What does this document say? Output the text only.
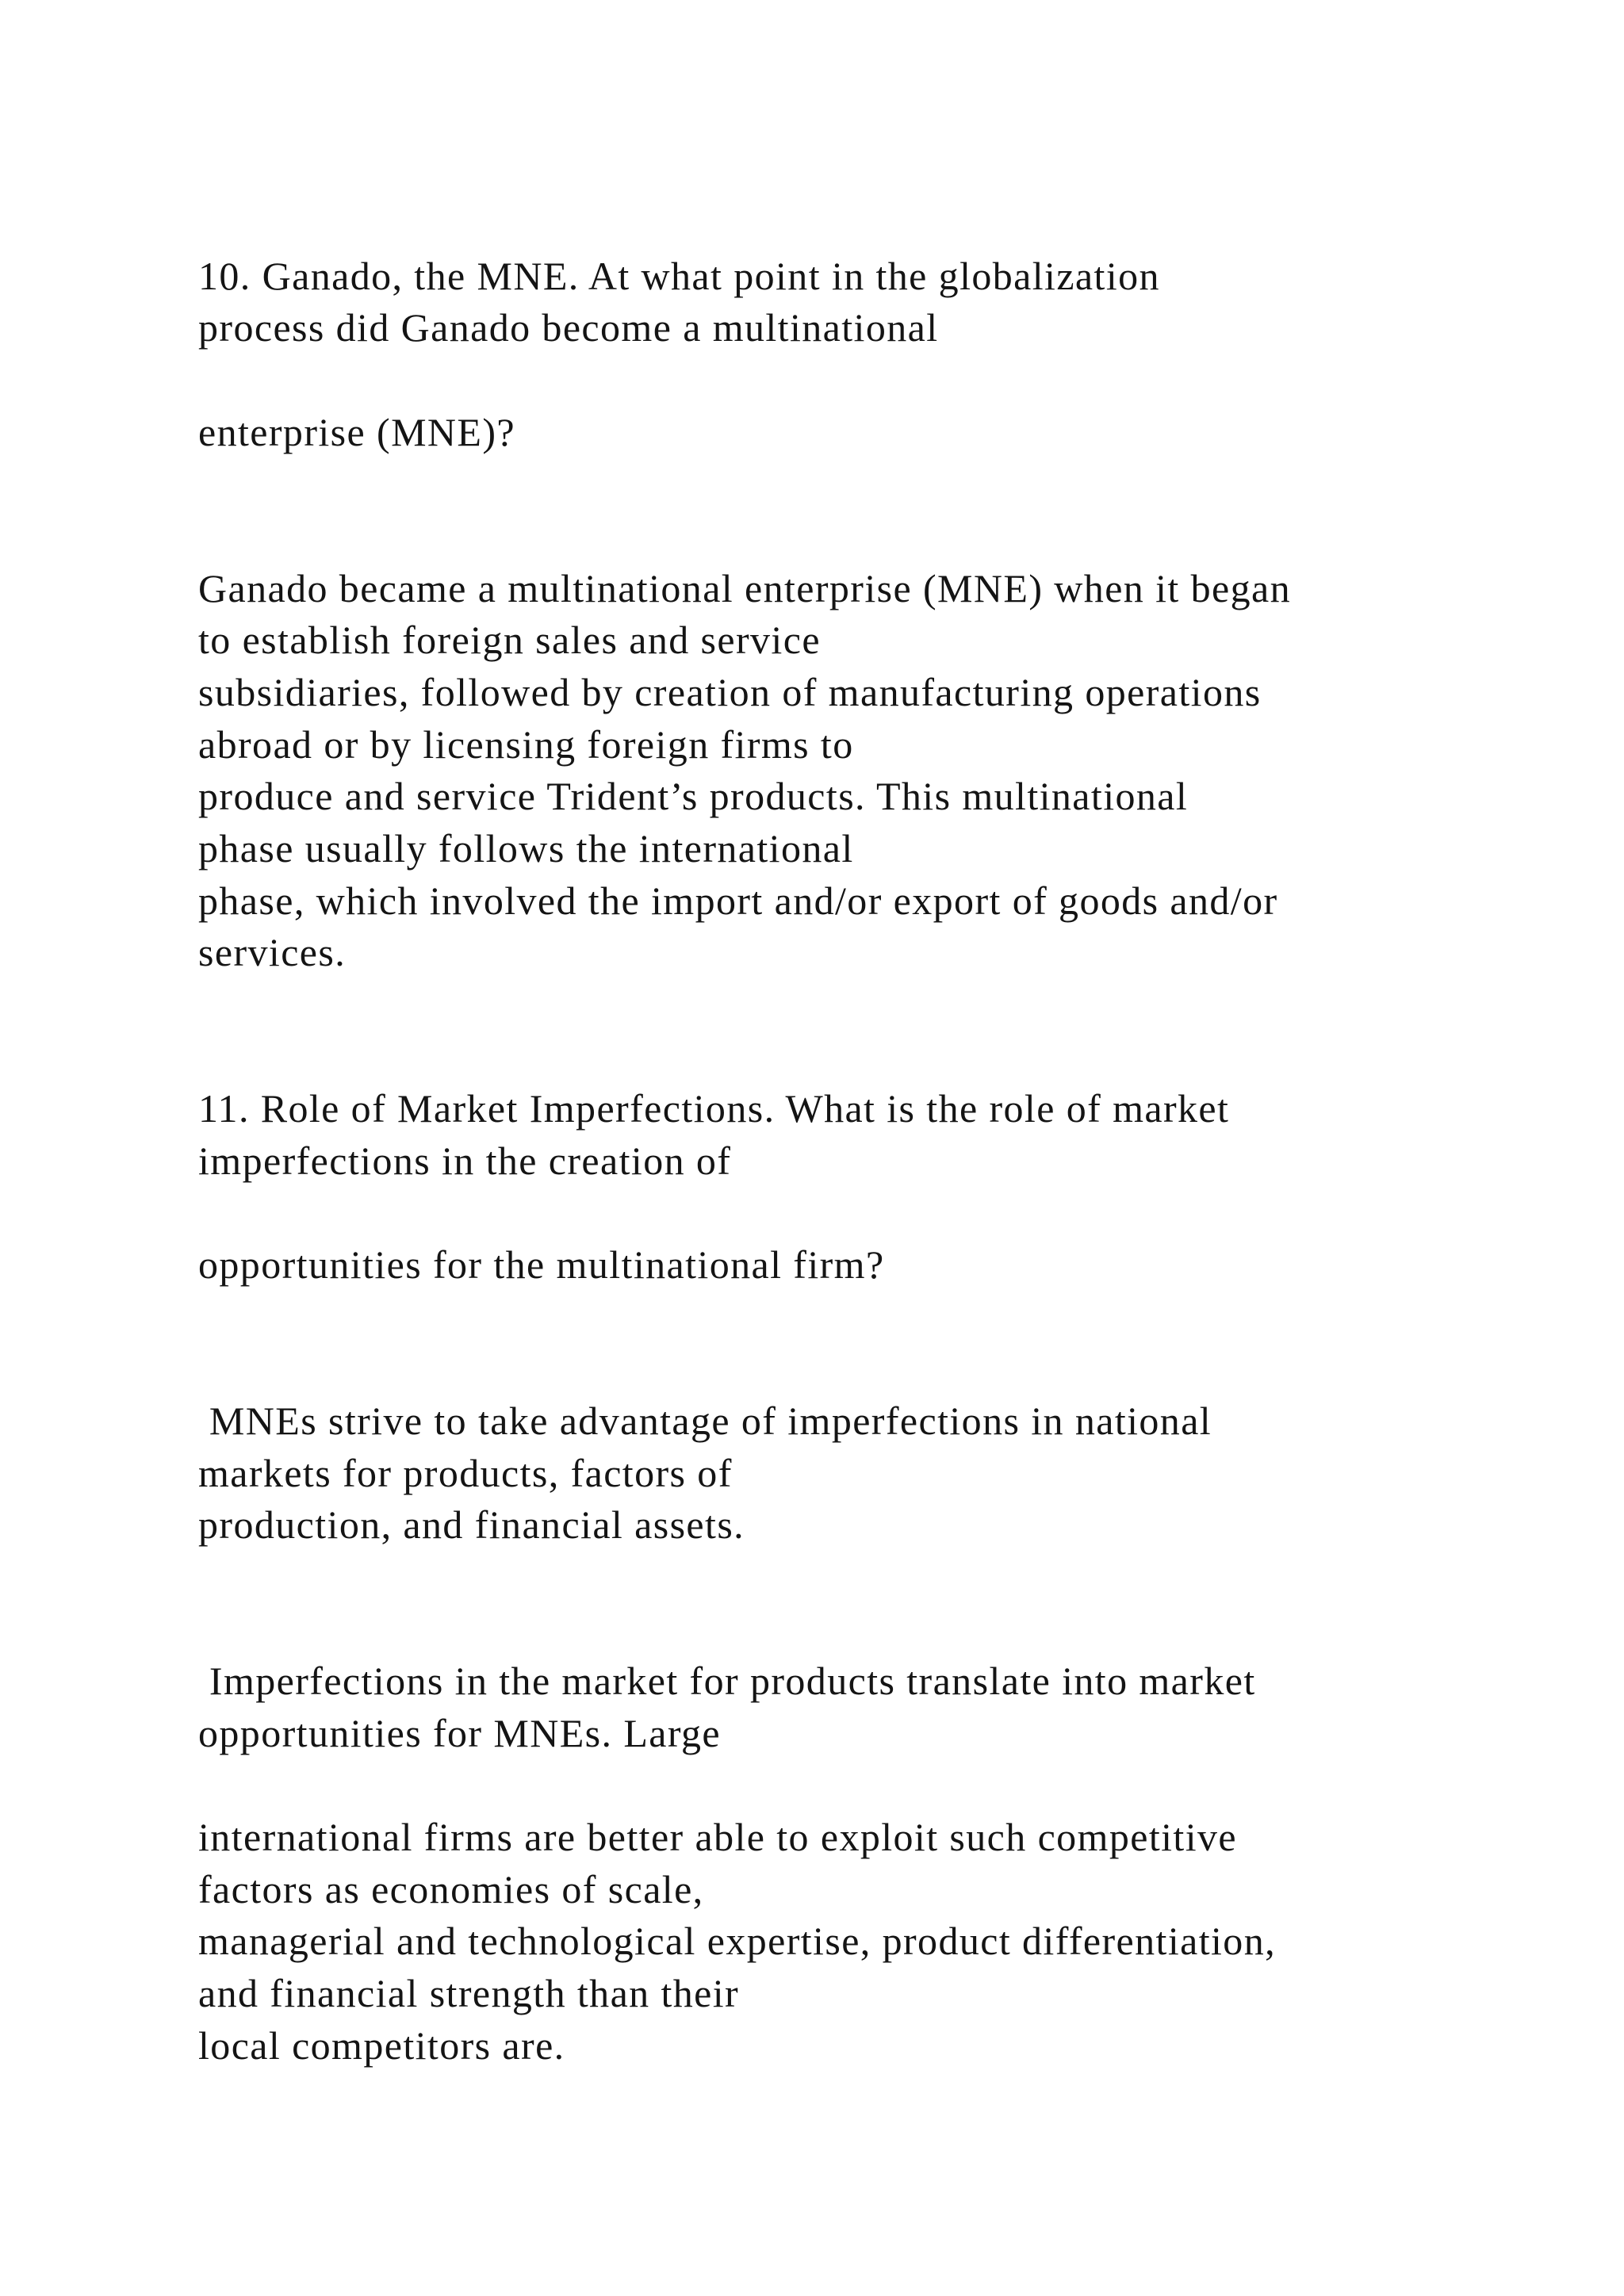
10. Ganado, the MNE. At what point in the globalization

process did Ganado become a multinational

enterprise (MNE)?

Ganado became a multinational enterprise (MNE) when it began

to establish foreign sales and service

subsidiaries, followed by creation of manufacturing operations

abroad or by licensing foreign firms to

produce and service Trident’s products. This multinational

phase usually follows the international

phase, which involved the import and/or export of goods and/or

services.

11. Role of Market Imperfections. What is the role of market

imperfections in the creation of

opportunities for the multinational firm?

MNEs strive to take advantage of imperfections in national

markets for products, factors of

production, and financial assets.

Imperfections in the market for products translate into market

opportunities for MNEs. Large

international firms are better able to exploit such competitive

factors as economies of scale,

managerial and technological expertise, product differentiation,

and financial strength than their

local competitors are.
